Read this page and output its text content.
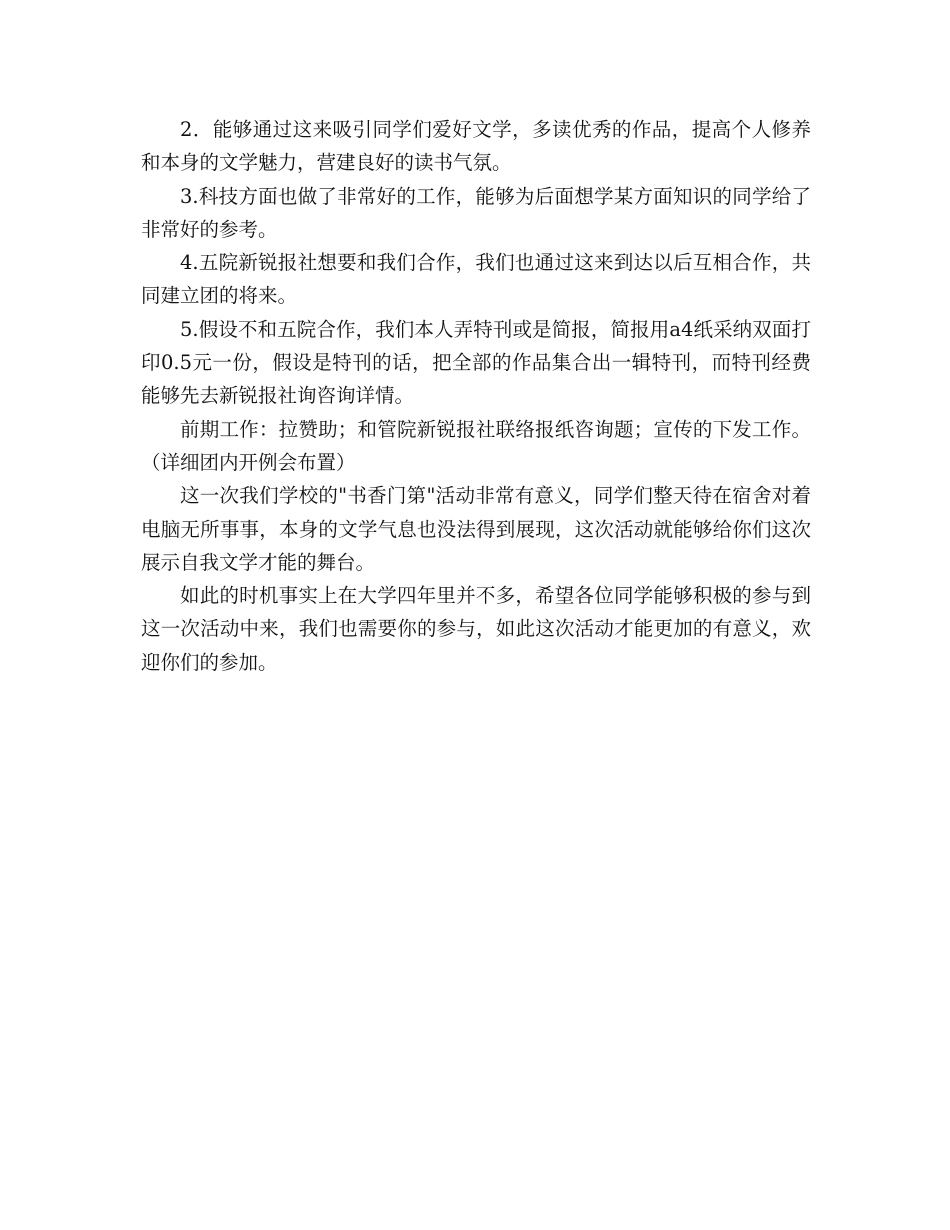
2．能够通过这来吸引同学们爱好文学，多读优秀的作品，提高个人修养和本身的文学魅力，营建良好的读书气氛。

3.科技方面也做了非常好的工作，能够为后面想学某方面知识的同学给了非常好的参考。

4.五院新锐报社想要和我们合作，我们也通过这来到达以后互相合作，共同建立团的将来。

5.假设不和五院合作，我们本人弄特刊或是简报，简报用a4纸采纳双面打印0.5元一份，假设是特刊的话，把全部的作品集合出一辑特刊，而特刊经费能够先去新锐报社询咨询详情。

前期工作：拉赞助；和管院新锐报社联络报纸咨询题；宣传的下发工作。（详细团内开例会布置）

这一次我们学校的"书香门第"活动非常有意义，同学们整天待在宿舍对着电脑无所事事，本身的文学气息也没法得到展现，这次活动就能够给你们这次展示自我文学才能的舞台。

如此的时机事实上在大学四年里并不多，希望各位同学能够积极的参与到这一次活动中来，我们也需要你的参与，如此这次活动才能更加的有意义，欢迎你们的参加。
